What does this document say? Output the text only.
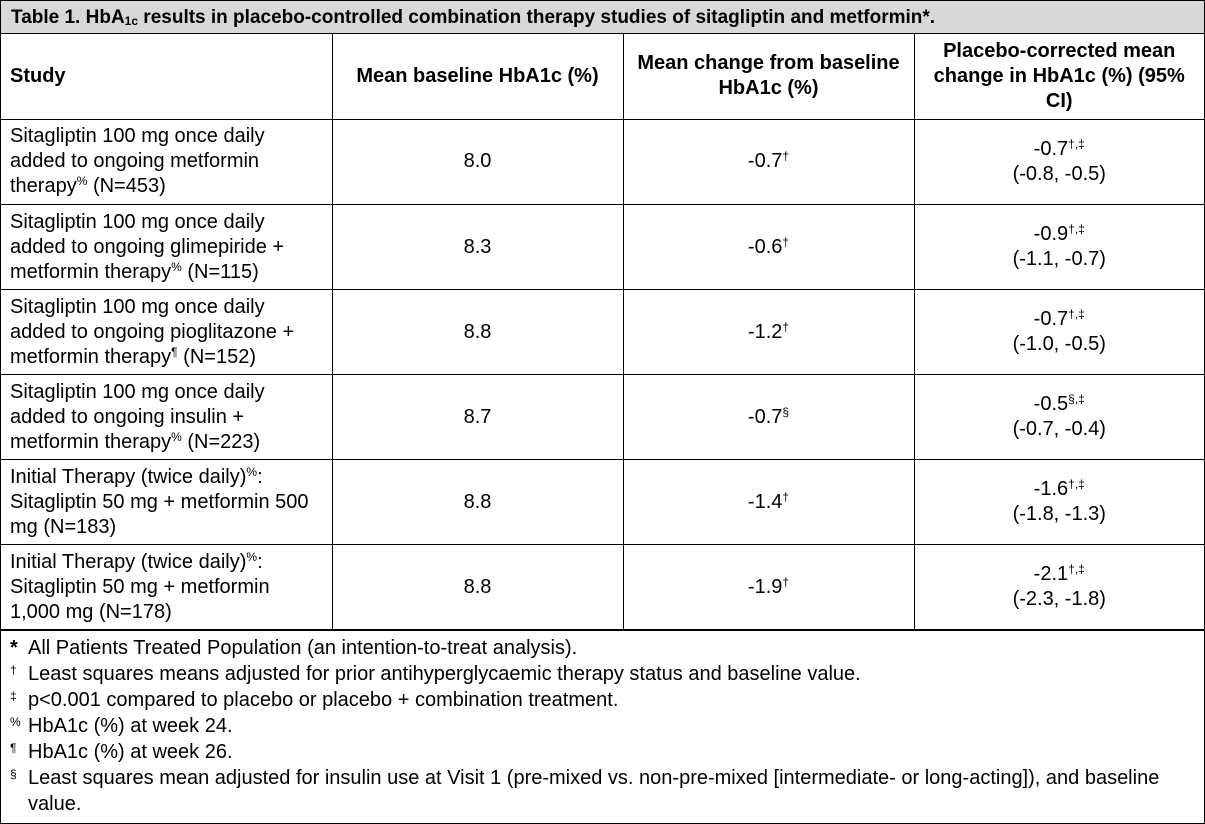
Table 1. HbA$_{1c}$ results in placebo-controlled combination therapy studies of sitagliptin and metformin*.
Study	Mean baseline HbA1c (%)	Mean change from baseline HbA1c (%)	Placebo-corrected mean change in HbA1c (%) (95% CI)
Sitagliptin 100 mg once daily added to ongoing metformin therapy% (N=453)	8.0	-0.7†	-0.7†,‡
(-0.8, -0.5)

Sitagliptin 100 mg once daily added to ongoing glimepiride + metformin therapy% (N=115)	8.3	-0.6†	-0.9†,‡
(-1.1, -0.7)

Sitagliptin 100 mg once daily added to ongoing pioglitazone + metformin therapy¶ (N=152)	8.8	-1.2†	-0.7†,‡
(-1.0, -0.5)

Sitagliptin 100 mg once daily added to ongoing insulin + metformin therapy% (N=223)	8.7	-0.7§	-0.5§,‡
(-0.7, -0.4)

Initial Therapy (twice daily)%: Sitagliptin 50 mg + metformin 500 mg (N=183)	8.8	-1.4†	-1.6†,‡
(-1.8, -1.3)

Initial Therapy (twice daily)%: Sitagliptin 50 mg + metformin 1,000 mg (N=178)	8.8	-1.9†	-2.1†,‡
(-2.3, -1.8)
* All Patients Treated Population (an intention-to-treat analysis).
† Least squares means adjusted for prior antihyperglycaemic therapy status and baseline value.
‡ p<0.001 compared to placebo or placebo + combination treatment.
% HbA1c (%) at week 24.
¶ HbA1c (%) at week 26.
§ Least squares mean adjusted for insulin use at Visit 1 (pre-mixed vs. non-pre-mixed [intermediate- or long-acting]), and baseline value.
